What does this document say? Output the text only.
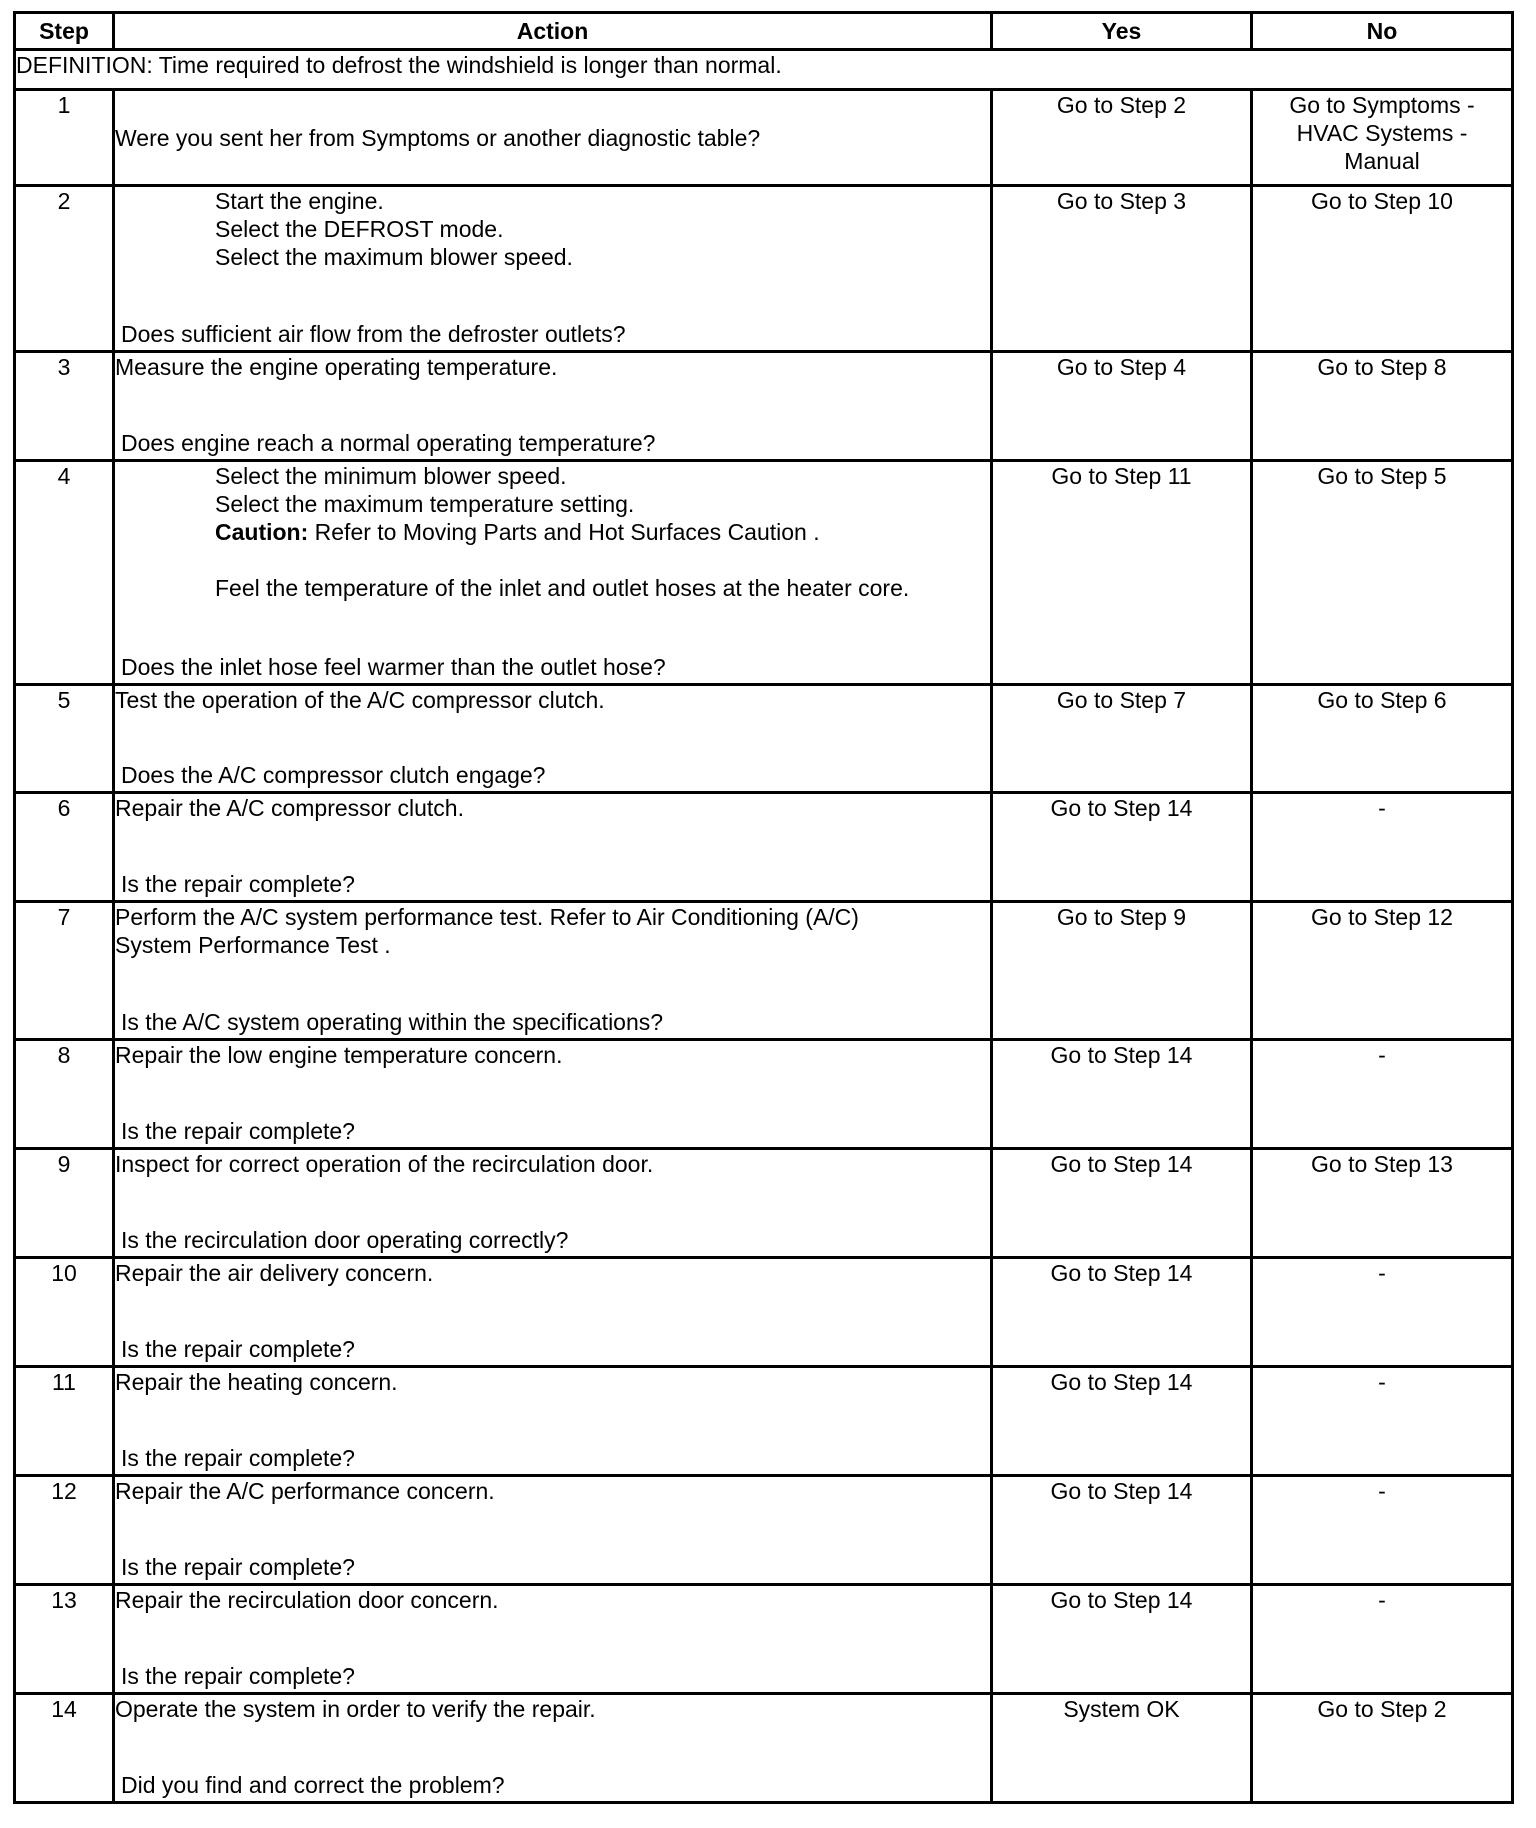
Step	Action	Yes	No
DEFINITION: Time required to defrost the windshield is longer than normal.			
1	Were you sent her from Symptoms or another diagnostic table?	Go to Step 2	Go to Symptoms -
HVAC Systems -
Manual

2	Start the engine.
Select the DEFROST mode.
Select the maximum blower speed.
Does sufficient air flow from the defroster outlets?	Go to Step 3	Go to Step 10
3	Measure the engine operating temperature.
Does engine reach a normal operating temperature?	Go to Step 4	Go to Step 8
4	Select the minimum blower speed.
Select the maximum temperature setting.
Caution: Refer to Moving Parts and Hot Surfaces Caution .
Feel the temperature of the inlet and outlet hoses at the heater core.
Does the inlet hose feel warmer than the outlet hose?	Go to Step 11	Go to Step 5
5	Test the operation of the A/C compressor clutch.
Does the A/C compressor clutch engage?	Go to Step 7	Go to Step 6
6	Repair the A/C compressor clutch.
Is the repair complete?	Go to Step 14	-
7	Perform the A/C system performance test. Refer to Air Conditioning (A/C)
System Performance Test .
Is the A/C system operating within the specifications?	Go to Step 9	Go to Step 12
8	Repair the low engine temperature concern.
Is the repair complete?	Go to Step 14	-
9	Inspect for correct operation of the recirculation door.
Is the recirculation door operating correctly?	Go to Step 14	Go to Step 13
10	Repair the air delivery concern.
Is the repair complete?	Go to Step 14	-
11	Repair the heating concern.
Is the repair complete?	Go to Step 14	-
12	Repair the A/C performance concern.
Is the repair complete?	Go to Step 14	-
13	Repair the recirculation door concern.
Is the repair complete?	Go to Step 14	-
14	Operate the system in order to verify the repair.
Did you find and correct the problem?	System OK	Go to Step 2
